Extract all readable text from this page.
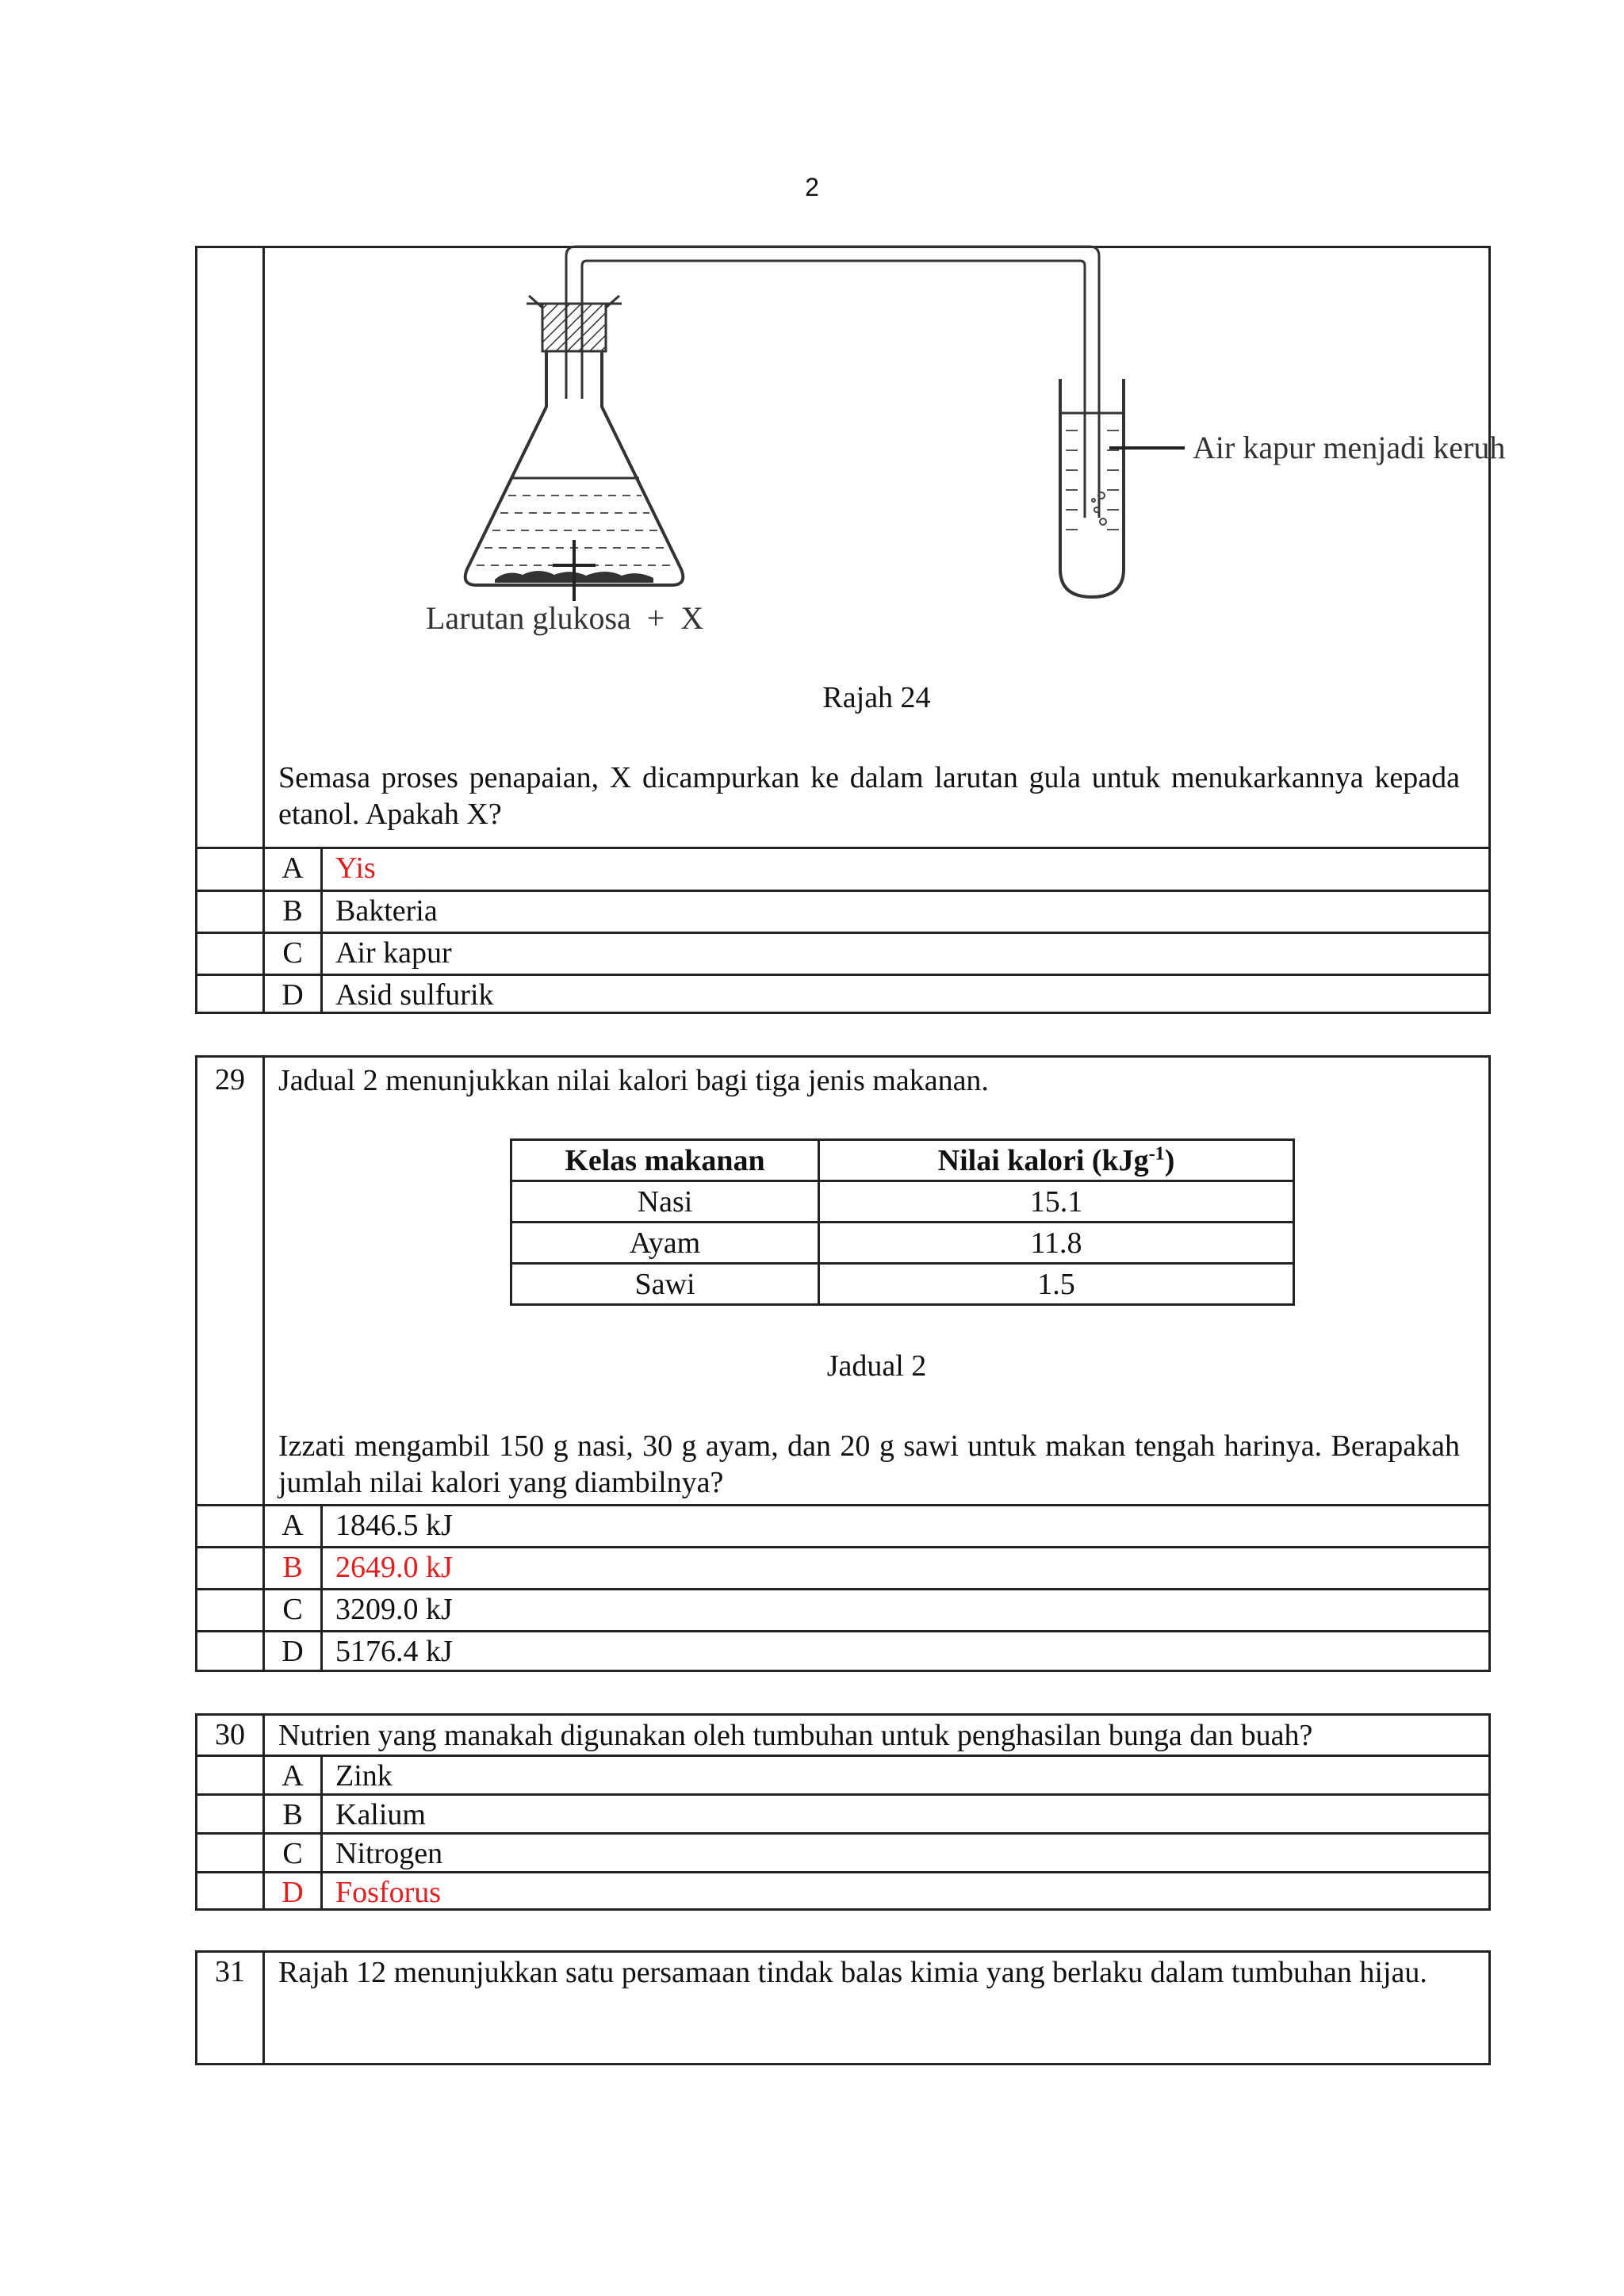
2
Air kapur menjadi keruh
Larutan glukosa  +  X
Rajah 24
Semasa proses penapaian, X dicampurkan ke dalam larutan gula untuk menukarkannya kepada etanol. Apakah X?
A	Yis
B	Bakteria
C	Air kapur
D	Asid sulfurik
29	Jadual 2 menunjukkan nilai kalori bagi tiga jenis makanan.
Kelas makanan	Nilai kalori (kJg$^{-1}$)
Nasi	15.1
Ayam	11.8
Sawi	1.5
Jadual 2
Izzati mengambil 150 g nasi, 30 g ayam, dan 20 g sawi untuk makan tengah harinya. Berapakah jumlah nilai kalori yang diambilnya?
A	1846.5 kJ
B	2649.0 kJ
C	3209.0 kJ
D	5176.4 kJ
30	Nutrien yang manakah digunakan oleh tumbuhan untuk penghasilan bunga dan buah?
A	Zink
B	Kalium
C	Nitrogen
D	Fosforus
31	Rajah 12 menunjukkan satu persamaan tindak balas kimia yang berlaku dalam tumbuhan hijau.
